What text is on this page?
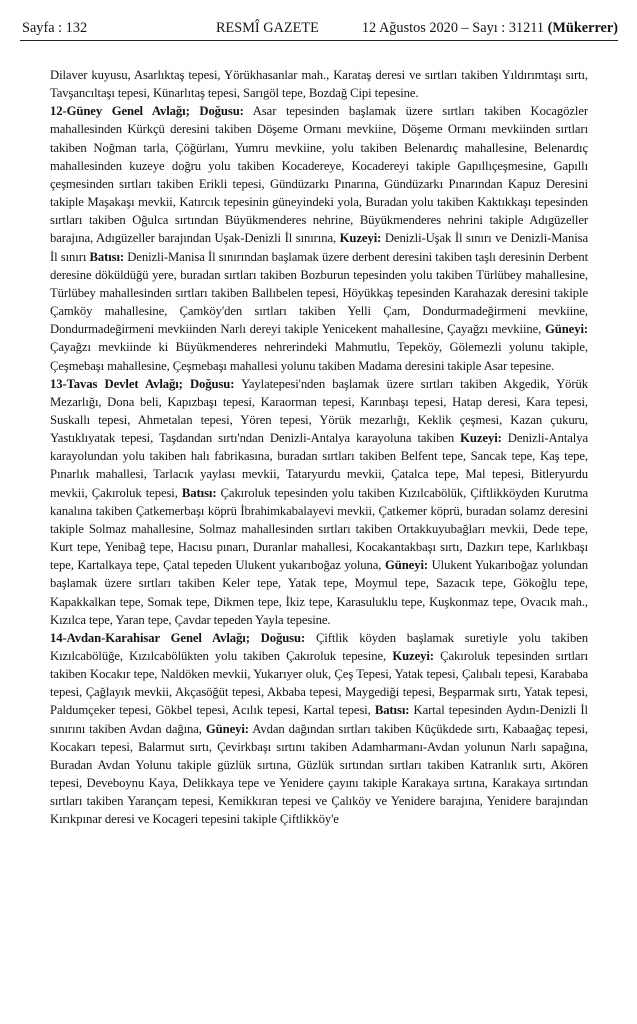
Sayfa : 132	RESMÎ GAZETE	12 Ağustos 2020 – Sayı : 31211 (Mükerrer)

Dilaver kuyusu, Asarlıktaş tepesi, Yörükhasanlar mah., Karataş deresi ve sırtları takiben Yıldırımtaşı sırtı, Tavşancıltaşı tepesi, Künarlıtaş tepesi, Sarıgöl tepe, Bozdağ Cipi tepesine.

12-Güney Genel Avlağı; Doğusu: Asar tepesinden başlamak üzere sırtları takiben Kocagözler mahallesinden Kürkçü deresini takiben Döşeme Ormanı mevkiine, Döşeme Ormanı mevkiinden sırtları takiben Noğman tarla, Çöğürlanı, Yumru mevkiine, yolu takiben Belenardıç mahallesine, Belenardıç mahallesinden kuzeye doğru yolu takiben Kocadereye, Kocadereyi takiple Gapıllıçeşmesine, Gapıllı çeşmesinden sırtları takiben Erikli tepesi, Gündüzarkı Pınarına, Gündüzarkı Pınarından Kapuz Deresini takiple Maşakaşı mevkii, Katırcık tepesinin güneyindeki yola, Buradan yolu takiben Kaktıkkaşı tepesinden sırtları takiben Oğulca sırtından Büyükmenderes nehrine, Büyükmenderes nehrini takiple Adıgüzeller barajına, Adıgüzeller barajından Uşak-Denizli İl sınırına, Kuzeyi: Denizli-Uşak İl sınırı ve Denizli-Manisa İl sınırı Batısı: Denizli-Manisa İl sınırından başlamak üzere derbent deresini takiben taşlı deresinin Derbent deresine döküldüğü yere, buradan sırtları takiben Bozburun tepesinden yolu takiben Türlübey mahallesine, Türlübey mahallesinden sırtları takiben Ballıbelen tepesi, Höyükkaş tepesinden Karahazak deresini takiple Çamköy mahallesine, Çamköy'den sırtları takiben Yelli Çam, Dondurmadeğirmeni mevkiine, Dondurmadeğirmeni mevkiinden Narlı dereyi takiple Yenicekent mahallesine, Çayağzı mevkiine, Güneyi: Çayağzı mevkiinde ki Büyükmenderes nehrerindeki Mahmutlu, Tepeköy, Gölemezli yolunu takiple, Çeşmebaşı mahallesine, Çeşmebaşı mahallesi yolunu takiben Madama deresini takiple Asar tepesine.

13-Tavas Devlet Avlağı; Doğusu: Yaylatepesi'nden başlamak üzere sırtları takiben Akgedik, Yörük Mezarlığı, Dona beli, Kapızbaşı tepesi, Karaorman tepesi, Karınbaşı tepesi, Hatap deresi, Kara tepesi, Suskallı tepesi, Ahmetalan tepesi, Yören tepesi, Yörük mezarlığı, Keklik çeşmesi, Kazan çukuru, Yastıklıyatak tepesi, Taşdandan sırtı'ndan Denizli-Antalya karayoluna takiben Kuzeyi: Denizli-Antalya karayolundan yolu takiben halı fabrikasına, buradan sırtları takiben Belfent tepe, Sancak tepe, Kaş tepe, Pınarlık mahallesi, Tarlacık yaylası mevkii, Tataryurdu mevkii, Çatalca tepe, Mal tepesi, Bitleryurdu mevkii, Çakıroluk tepesi, Batısı: Çakıroluk tepesinden yolu takiben Kızılcabölük, Çiftlikköyden Kurutma kanalına takiben Çatkemerbaşı köprü İbrahimkabalayevi mevkii, Çatkemer köprü, buradan solamz deresini takiple Solmaz mahallesine, Solmaz mahallesinden sırtları takiben Ortakkuyubağları mevkii, Dede tepe, Kurt tepe, Yenibağ tepe, Hacısu pınarı, Duranlar mahallesi, Kocakantakbaşı sırtı, Dazkırı tepe, Karlıkbaşı tepe, Kartalkaya tepe, Çatal tepeden Ulukent yukarıboğaz yoluna, Güneyi: Ulukent Yukarıboğaz yolundan başlamak üzere sırtları takiben Keler tepe, Yatak tepe, Moymul tepe, Sazacık tepe, Gökoğlu tepe, Kapakkalkan tepe, Somak tepe, Dikmen tepe, İkiz tepe, Karasuluklu tepe, Kuşkonmaz tepe, Ovacık mah., Kızılca tepe, Yaran tepe, Çavdar tepeden Yayla tepesine.

14-Avdan-Karahisar Genel Avlağı; Doğusu: Çiftlik köyden başlamak suretiyle yolu takiben Kızılcabölüğe, Kızılcabölükten yolu takiben Çakıroluk tepesine, Kuzeyi: Çakıroluk tepesinden sırtları takiben Kocakır tepe, Naldöken mevkii, Yukarıyer oluk, Çeş Tepesi, Yatak tepesi, Çalıbalı tepesi, Karababa tepesi, Çağlayık mevkii, Akçasöğüt tepesi, Akbaba tepesi, Maygediği tepesi, Beşparmak sırtı, Yatak tepesi, Paldumçeker tepesi, Gökbel tepesi, Acılık tepesi, Kartal tepesi, Batısı: Kartal tepesinden Aydın-Denizli İl sınırını takiben Avdan dağına, Güneyi: Avdan dağından sırtları takiben Küçükdede sırtı, Kabaağaç tepesi, Kocakarı tepesi, Balarmut sırtı, Çevirkbaşı sırtını takiben Adamharmanı-Avdan yolunun Narlı sapağına, Buradan Avdan Yolunu takiple güzlük sırtına, Güzlük sırtından sırtları takiben Katranlık sırtı, Akören tepesi, Deveboynu Kaya, Delikkaya tepe ve Yenidere çayını takiple Karakaya sırtına, Karakaya sırtından sırtları takiben Yarançam tepesi, Kemikkıran tepesi ve Çalıköy ve Yenidere barajına, Yenidere barajından Kırıkpınar deresi ve Kocageri tepesini takiple Çiftlikköy'e
